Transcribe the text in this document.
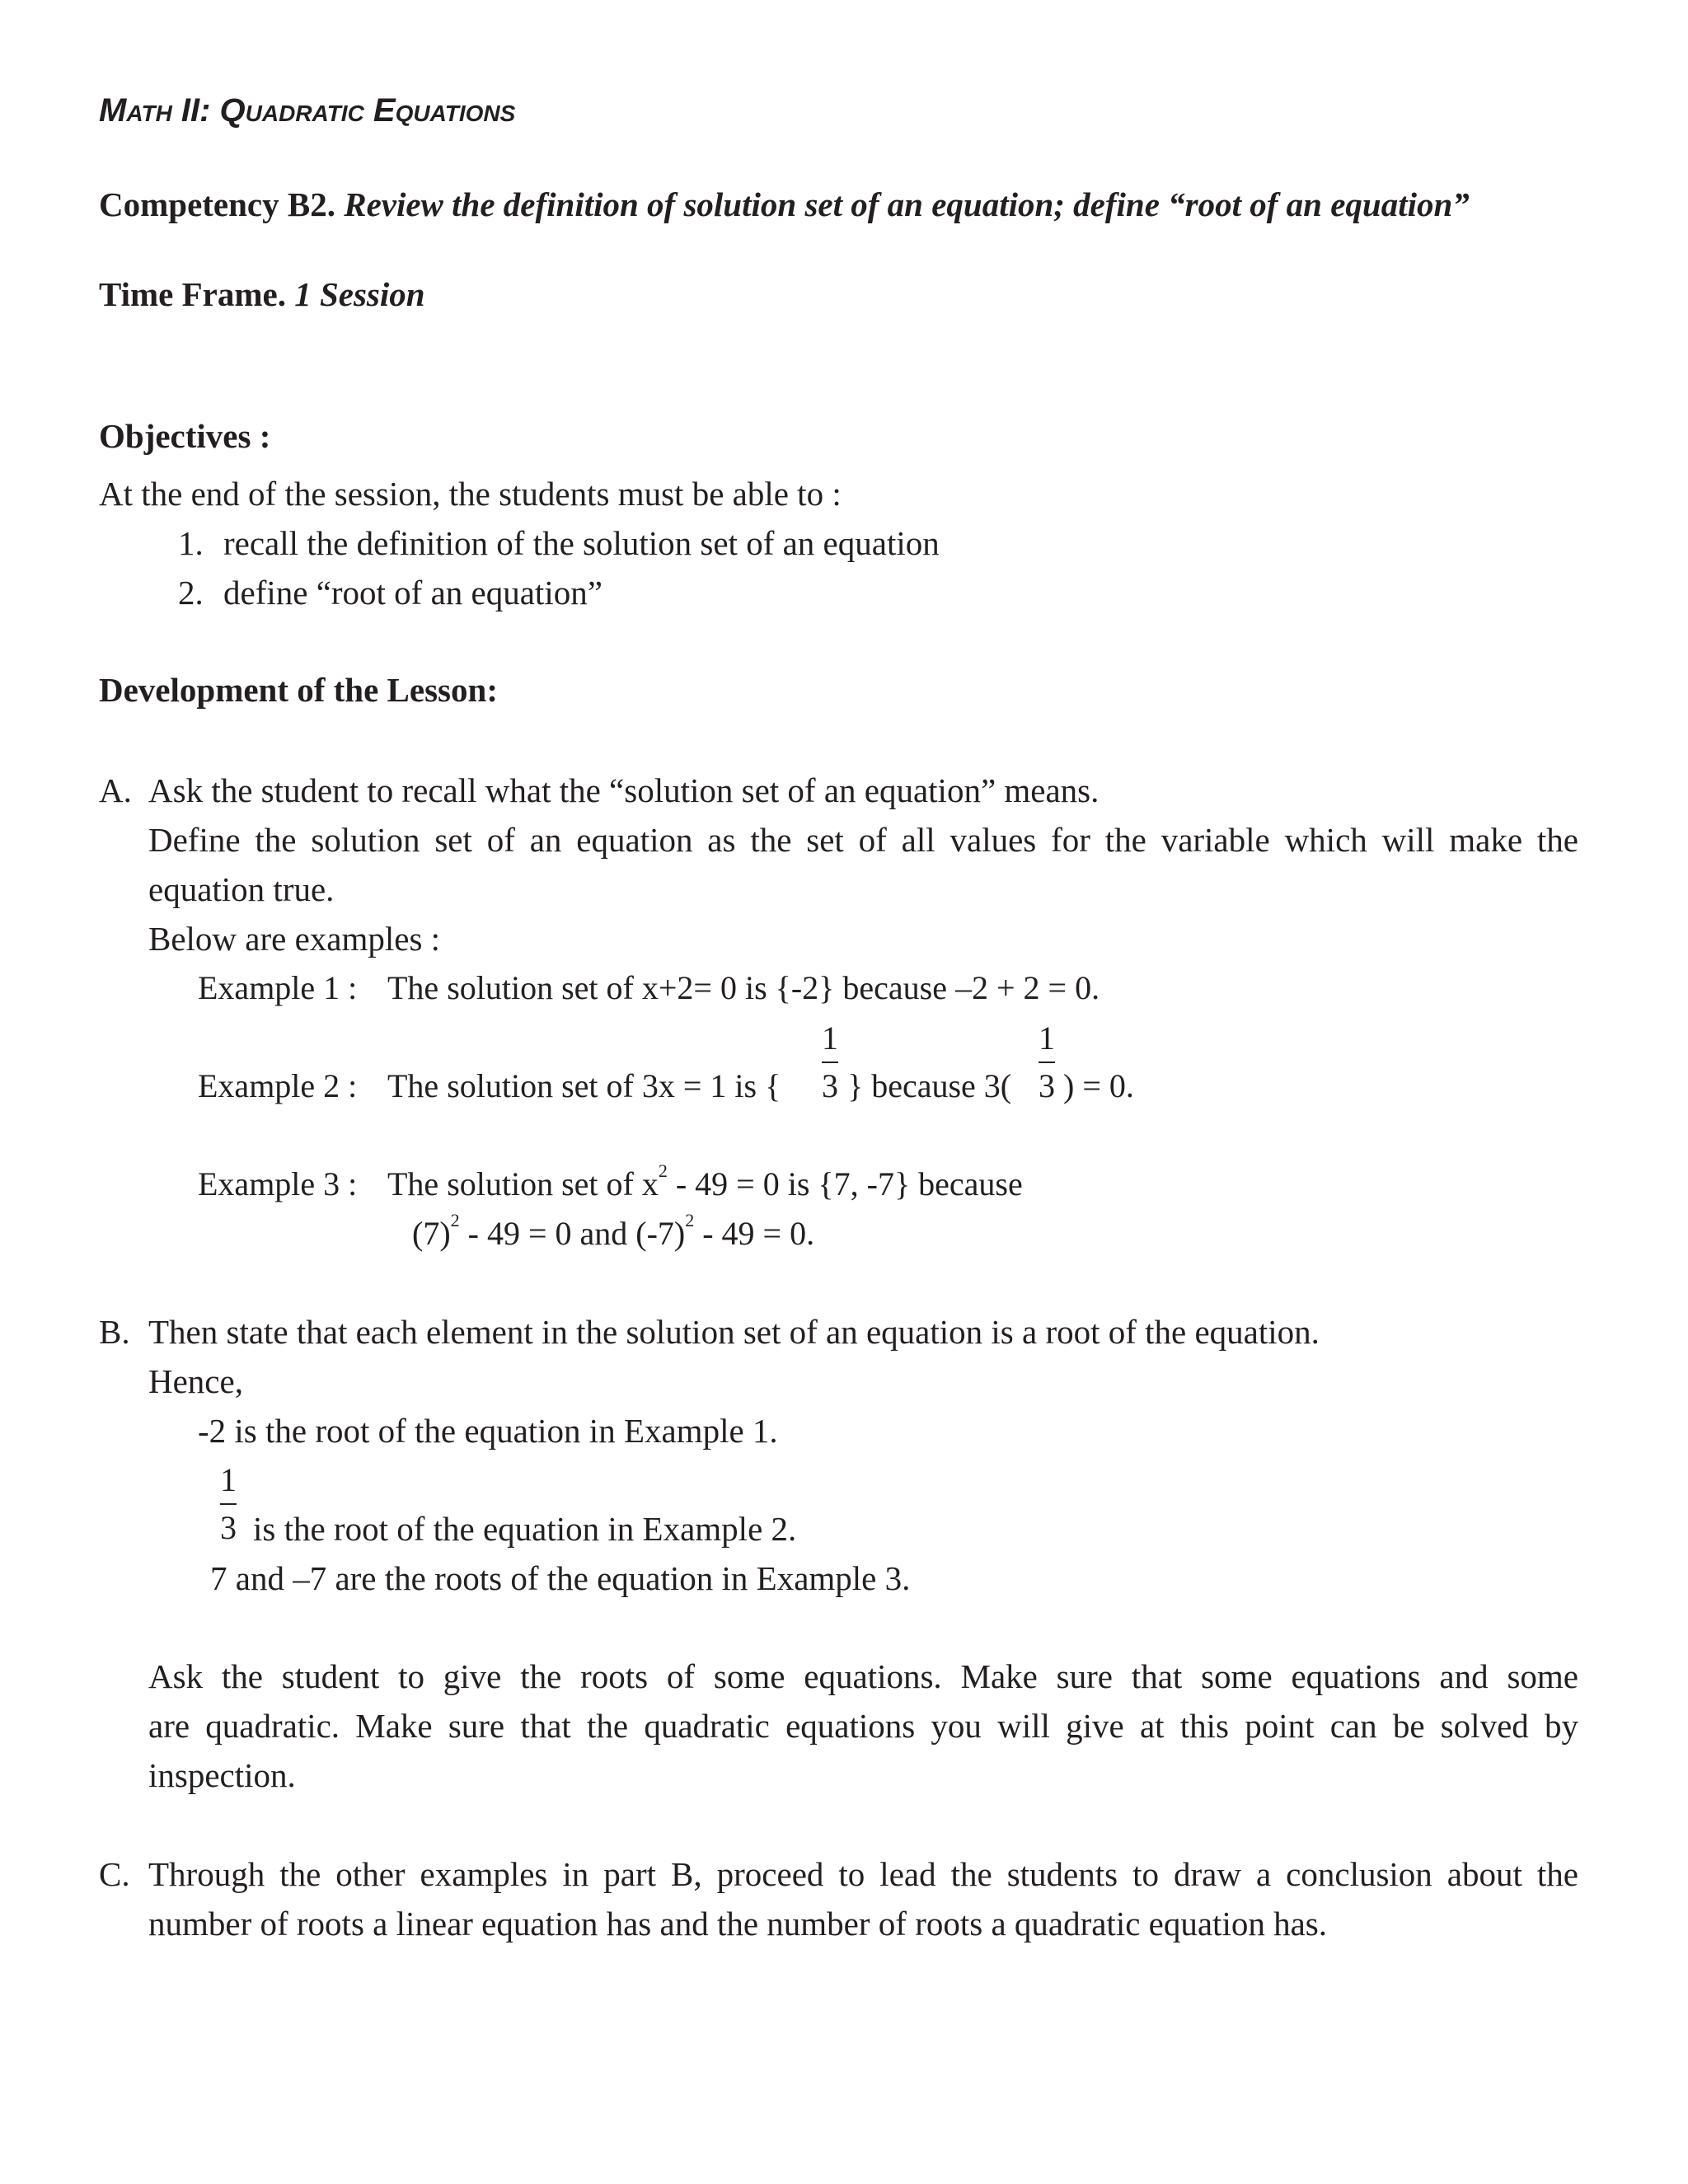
Math II: Quadratic Equations
Competency B2. Review the definition of solution set of an equation; define “root of an equation”
Time Frame. 1 Session
Objectives :
At the end of the session, the students must be able to :
1. recall the definition of the solution set of an equation
2. define “root of an equation”
Development of the Lesson:
A. Ask the student to recall what the “solution set of an equation” means.
Define the solution set of an equation as the set of all values for the variable which will make the
equation true.
Below are examples :
Example 1 : The solution set of x+2= 0 is {-2} because –2 + 2 = 0.
Example 2 : The solution set of 3x = 1 is {
1
3 } because 3(
1
3 ) = 0.
Example 3 : The solution set of $x^2 - 49 = 0$ is {7, -7} because
$(7)^2 - 49 = 0$ and $(-7)^2 - 49 = 0$.
B. Then state that each element in the solution set of an equation is a root of the equation.
Hence,
-2 is the root of the equation in Example 1.
1
3 is the root of the equation in Example 2.
7 and –7 are the roots of the equation in Example 3.
Ask the student to give the roots of some equations. Make sure that some equations and some
are quadratic. Make sure that the quadratic equations you will give at this point can be solved by
inspection.
C. Through the other examples in part B, proceed to lead the students to draw a conclusion about the
number of roots a linear equation has and the number of roots a quadratic equation has.
